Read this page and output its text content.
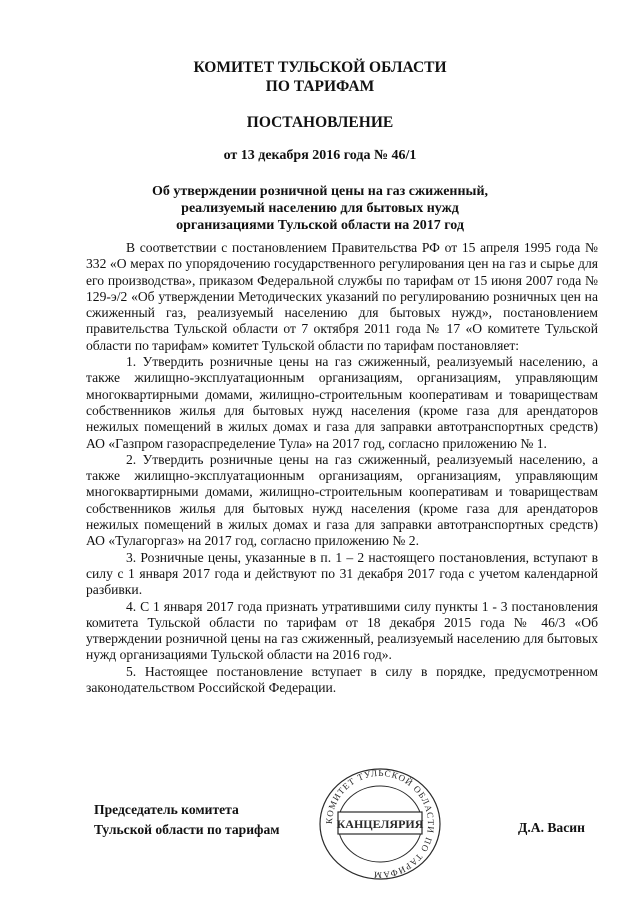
КОМИТЕТ ТУЛЬСКОЙ ОБЛАСТИ
ПО ТАРИФАМ
ПОСТАНОВЛЕНИЕ
от 13 декабря 2016 года № 46/1
Об утверждении розничной цены на газ сжиженный,
реализуемый населению для бытовых нужд
организациями Тульской области на 2017 год

В соответствии с постановлением Правительства РФ от 15 апреля 1995 года № 332 «О мерах по упорядочению государственного регулирования цен на газ и сырье для его производства», приказом Федеральной службы по тарифам от 15 июня 2007 года № 129-э/2 «Об утверждении Методических указаний по регулированию розничных цен на сжиженный газ, реализуемый населению для бытовых нужд», постановлением правительства Тульской области от 7 октября 2011 года № 17 «О комитете Тульской области по тарифам» комитет Тульской области по тарифам постановляет:

1. Утвердить розничные цены на газ сжиженный, реализуемый населению, а также жилищно-эксплуатационным организациям, организациям, управляющим многоквартирными домами, жилищно-строительным кооперативам и товариществам собственников жилья для бытовых нужд населения (кроме газа для арендаторов нежилых помещений в жилых домах и газа для заправки автотранспортных средств) АО «Газпром газораспределение Тула» на 2017 год, согласно приложению № 1.

2. Утвердить розничные цены на газ сжиженный, реализуемый населению, а также жилищно-эксплуатационным организациям, организациям, управляющим многоквартирными домами, жилищно-строительным кооперативам и товариществам собственников жилья для бытовых нужд населения (кроме газа для арендаторов нежилых помещений в жилых домах и газа для заправки автотранспортных средств) АО «Тулагоргаз» на 2017 год, согласно приложению № 2.

3. Розничные цены, указанные в п. 1 – 2 настоящего постановления, вступают в силу с 1 января 2017 года и действуют по 31 декабря 2017 года с учетом календарной разбивки.

4. С 1 января 2017 года признать утратившими силу пункты 1 - 3 постановления комитета Тульской области по тарифам от 18 декабря 2015 года № 46/3 «Об утверждении розничной цены на газ сжиженный, реализуемый населению для бытовых нужд организациями Тульской области на 2016 год».

5. Настоящее постановление вступает в силу в порядке, предусмотренном законодательством Российской Федерации.

Председатель комитета
Тульской области по тарифам	Д.А. Васин
КОМИТЕТ ТУЛЬСКОЙ ОБЛАСТИ ПО ТАРИФАМ
КАНЦЕЛЯРИЯ
